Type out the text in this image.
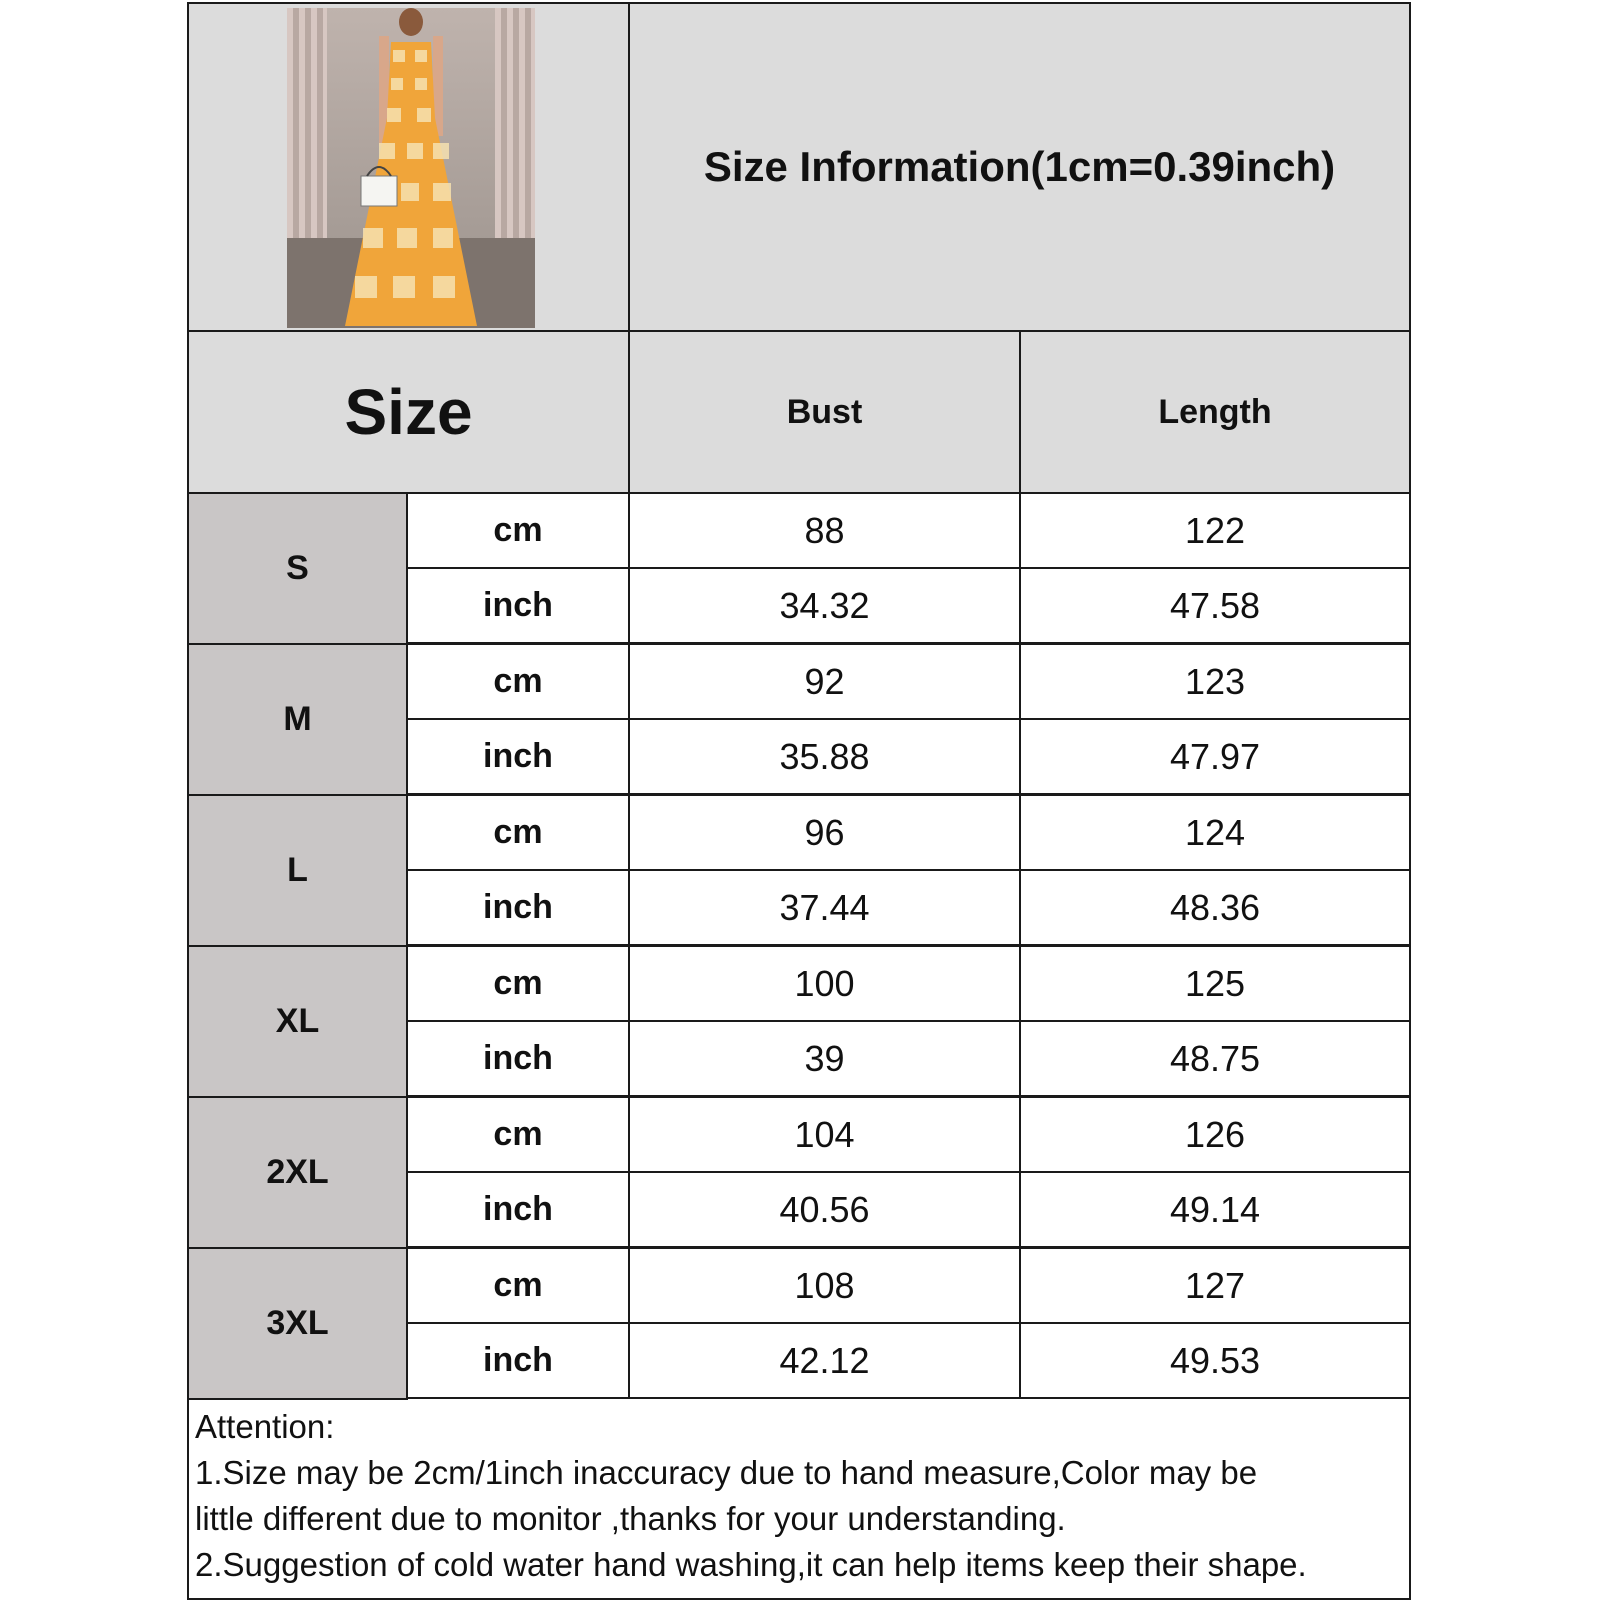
Size Information(1cm=0.39inch)
Size	Bust	Length
S
cm	88	122
inch	34.32	47.58
M
cm	92	123
inch	35.88	47.97
L
cm	96	124
inch	37.44	48.36
XL
cm	100	125
inch	39	48.75
2XL
cm	104	126
inch	40.56	49.14
3XL
cm	108	127
inch	42.12	49.53
Attention:
1.Size may be 2cm/1inch inaccuracy due to hand measure,Color may be
little different due to monitor ,thanks for your understanding.
2.Suggestion of cold water hand washing,it can help items keep their shape.
